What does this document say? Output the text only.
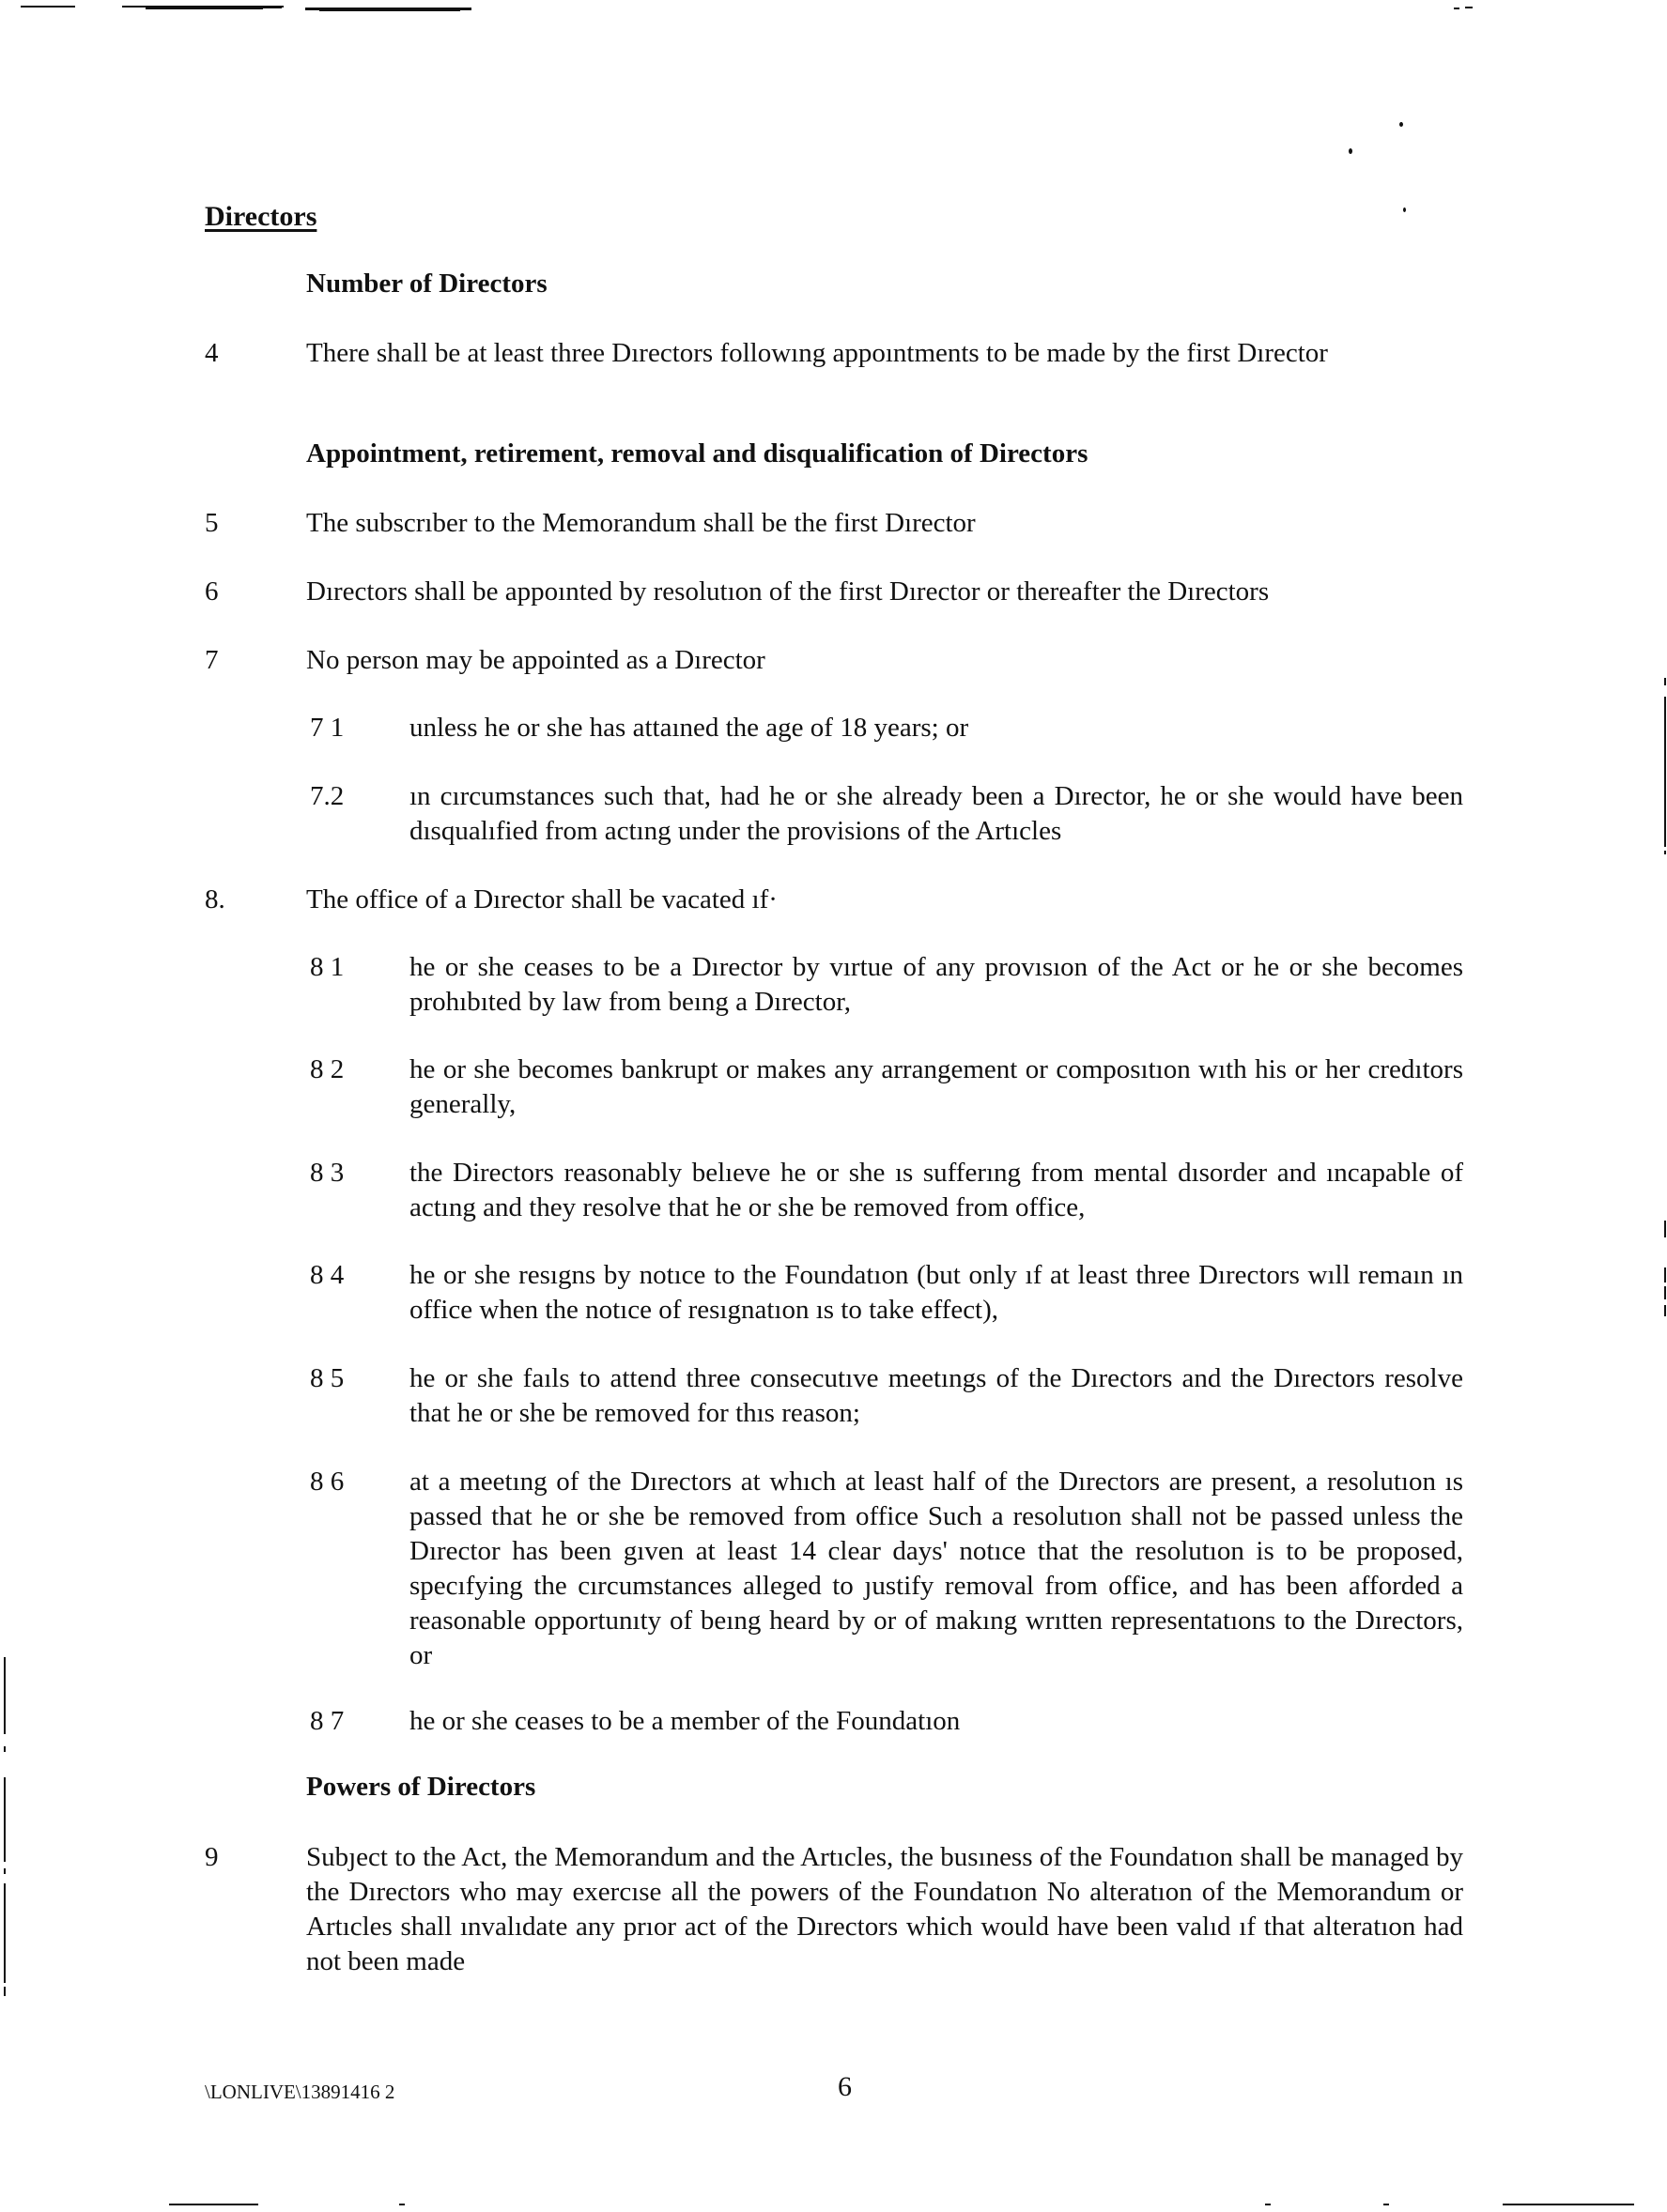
Directors
Number of Directors
4	There shall be at least three Dırectors followıng appoıntments to be made by the first Dırector
Appointment, retirement, removal and disqualification of Directors
5	The subscrıber to the Memorandum shall be the first Dırector
6	Dırectors shall be appoınted by resolutıon of the first Dırector or thereafter the Dırectors
7	No person may be appointed as a Dırector
7 1 unless he or she has attaıned the age of 18 years; or
7.2 ın cırcumstances such that, had he or she already been a Dırector, he or she would have been dısqualıfied from actıng under the provisions of the Artıcles
8.	The office of a Dırector shall be vacated ıf·
8 1 he or she ceases to be a Dırector by vırtue of any provısıon of the Act or he or she becomes prohıbıted by law from beıng a Dırector,
8 2 he or she becomes bankrupt or makes any arrangement or composıtıon wıth his or her credıtors generally,
8 3 the Directors reasonably belıeve he or she ıs sufferıng from mental dısorder and ıncapable of actıng and they resolve that he or she be removed from office,
8 4 he or she resıgns by notıce to the Foundatıon (but only ıf at least three Dırectors wıll remaın ın office when the notıce of resıgnatıon ıs to take effect),
8 5 he or she faıls to attend three consecutıve meetıngs of the Dırectors and the Dırectors resolve that he or she be removed for thıs reason;
8 6 at a meetıng of the Dırectors at whıch at least half of the Dırectors are present, a resolutıon ıs passed that he or she be removed from office Such a resolutıon shall not be passed unless the Dırector has been gıven at least 14 clear days' notıce that the resolutıon is to be proposed, specıfying the cırcumstances alleged to ȷustify removal from office, and has been afforded a reasonable opportunıty of beıng heard by or of makıng wrıtten representatıons to the Dırectors, or
8 7 he or she ceases to be a member of the Foundatıon
Powers of Directors
9	Subȷect to the Act, the Memorandum and the Artıcles, the busıness of the Foundatıon shall be managed by the Dırectors who may exercıse all the powers of the Foundatıon No alteratıon of the Memorandum or Artıcles shall ınvalıdate any prıor act of the Dırectors which would have been valıd ıf that alteratıon had not been made
\LONLIVE\13891416 2	6
